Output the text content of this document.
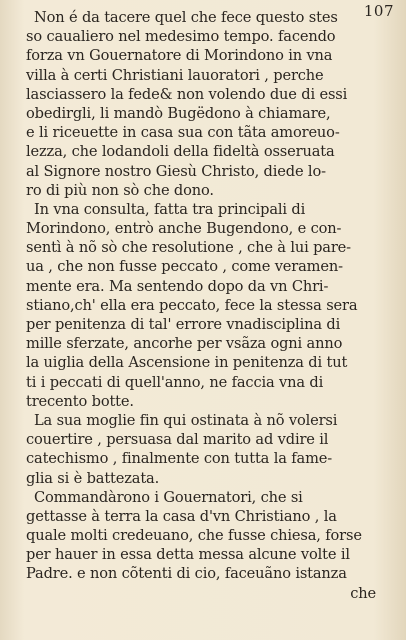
107
Non é da tacere quel che fece questo stes
so caualiero nel medesimo tempo. facendo
forza vn Gouernatore di Morindono in vna
villa à certi Christiani lauoratori , perche
lasciassero la fede& non volendo due di essi
obedirgli, li mandò Bugëdono à chiamare,
e li riceuette in casa sua con tãta amoreuo-
lezza, che lodandoli della fideltà osseruata
al Signore nostro Giesù Christo, diede lo-
ro di più non sò che dono.
In vna consulta, fatta tra principali di
Morindono, entrò anche Bugendono, e con-
sentì à nõ sò che resolutione , che à lui pare-
ua , che non fusse peccato , come veramen-
mente era. Ma sentendo dopo da vn Chri-
stiano,ch' ella era peccato, fece la stessa sera
per penitenza di tal' errore vnadisciplina di
mille sferzate, ancorhe per vsãza ogni anno
la uiglia della Ascensione in penitenza di tut
ti i peccati di quell'anno, ne faccia vna di
trecento botte.
La sua moglie fin qui ostinata à nõ volersi
couertire , persuasa dal marito ad vdire il
catechismo , finalmente con tutta la fame-
glia si è battezata.
Commandàrono i Gouernatori, che si
gettasse à terra la casa d'vn Christiano , la
quale molti credeuano, che fusse chiesa, forse
per hauer in essa detta messa alcune volte il
Padre. e non cõtenti di cio, faceuãno istanza
che
